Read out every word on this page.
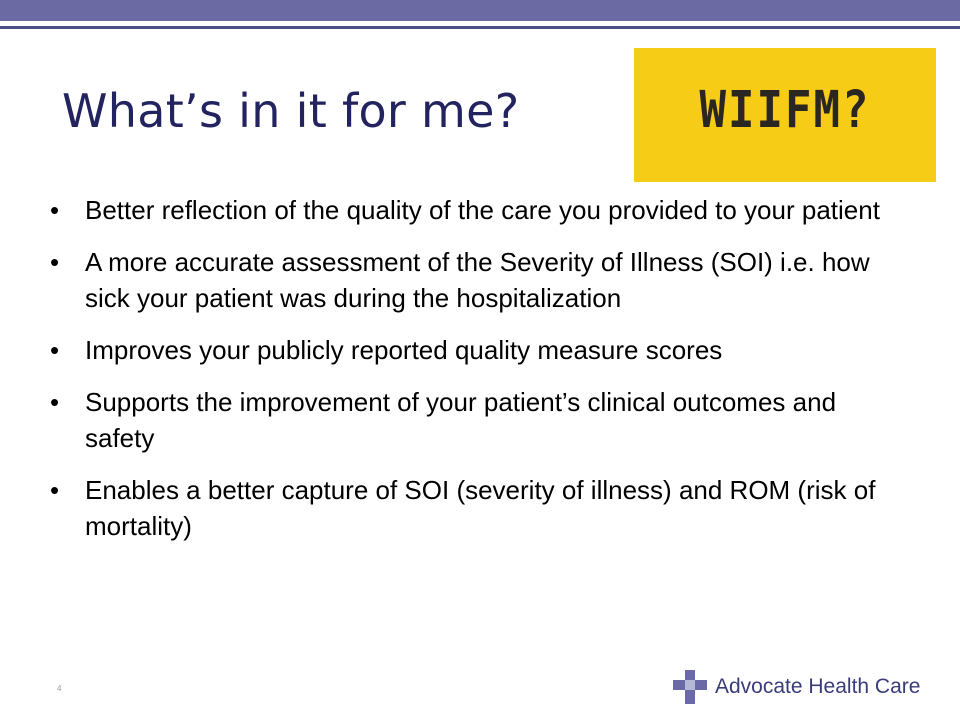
What’s in it for me?	WIIFM?
• Better reflection of the quality of the care you provided to your patient
• A more accurate assessment of the Severity of Illness (SOI) i.e. how sick your patient was during the hospitalization
• Improves your publicly reported quality measure scores
• Supports the improvement of your patient’s clinical outcomes and safety
• Enables a better capture of SOI (severity of illness) and ROM (risk of mortality)
4	Advocate Health Care
